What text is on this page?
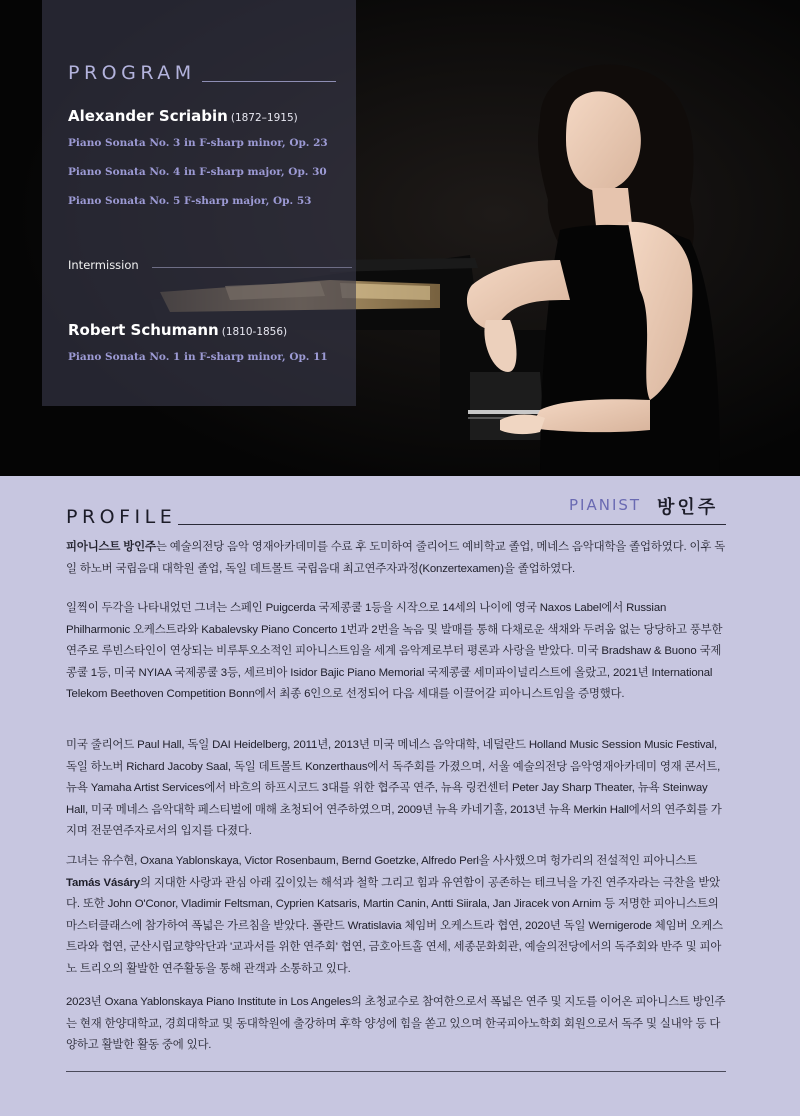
PROGRAM
Alexander Scriabin (1872–1915)
Piano Sonata No. 3 in F-sharp minor, Op. 23
Piano Sonata No. 4 in F-sharp major, Op. 30
Piano Sonata No. 5 F-sharp major, Op. 53
Intermission
Robert Schumann (1810-1856)
Piano Sonata No. 1 in F-sharp minor, Op. 11
PIANIST 방인주
PROFILE
피아니스트 방인주는 예술의전당 음악 영재아카데미를 수료 후 도미하여 줄리어드 예비학교 졸업, 메네스 음악대학을 졸업하였다. 이후 독일 하노버 국립음대 대학원 졸업, 독일 데트몰트 국립음대 최고연주자과정(Konzertexamen)을 졸업하였다.
일찍이 두각을 나타내었던 그녀는 스페인 Puigcerda 국제콩쿨 1등을 시작으로 14세의 나이에 영국 Naxos Label에서 Russian Philharmonic 오케스트라와 Kabalevsky Piano Concerto 1번과 2번을 녹음 및 발매를 통해 다채로운 색채와 두려움 없는 당당하고 풍부한 연주로 루빈스타인이 연상되는 비루투오소적인 피아니스트임을 세계 음악계로부터 평론과 사랑을 받았다. 미국 Bradshaw & Buono 국제콩쿨 1등, 미국 NYIAA 국제콩쿨 3등, 세르비아 Isidor Bajic Piano Memorial 국제콩쿨 세미파이널리스트에 올랐고, 2021년 International Telekom Beethoven Competition Bonn에서 최종 6인으로 선정되어 다음 세대를 이끌어갈 피아니스트임을 증명했다.
미국 줄리어드 Paul Hall, 독일 DAI Heidelberg, 2011년, 2013년 미국 메네스 음악대학, 네덜란드 Holland Music Session Music Festival, 독일 하노버 Richard Jacoby Saal, 독일 데트몰트 Konzerthaus에서 독주회를 가졌으며, 서울 예술의전당 음악영재아카데미 영재 콘서트, 뉴욕 Yamaha Artist Services에서 바흐의 하프시코드 3대를 위한 협주곡 연주, 뉴욕 링컨센터 Peter Jay Sharp Theater, 뉴욕 Steinway Hall, 미국 메네스 음악대학 페스티벌에 매해 초청되어 연주하였으며, 2009년 뉴욕 카네기홀, 2013년 뉴욕 Merkin Hall에서의 연주회를 가지며 전문연주자로서의 입지를 다졌다.
그녀는 유수현, Oxana Yablonskaya, Victor Rosenbaum, Bernd Goetzke, Alfredo Perl을 사사했으며 헝가리의 전설적인 피아니스트 Tamás Vásáry의 지대한 사랑과 관심 아래 깊이있는 해석과 철학 그리고 힘과 유연함이 공존하는 테크닉을 가진 연주자라는 극찬을 받았다. 또한 John O'Conor, Vladimir Feltsman, Cyprien Katsaris, Martin Canin, Antti Siirala, Jan Jiracek von Arnim 등 저명한 피아니스트의 마스터클래스에 참가하여 폭넓은 가르침을 받았다. 폴란드 Wratislavia 체임버 오케스트라 협연, 2020년 독일 Wernigerode 체임버 오케스트라와 협연, 군산시립교향악단과 '교과서를 위한 연주회' 협연, 금호아트홀 연세, 세종문화회관, 예술의전당에서의 독주회와 반주 및 피아노 트리오의 활발한 연주활동을 통해 관객과 소통하고 있다.
2023년 Oxana Yablonskaya Piano Institute in Los Angeles의 초청교수로 참여한으로서 폭넓은 연주 및 지도를 이어온 피아니스트 방인주는 현재 한양대학교, 경희대학교 및 동대학원에 출강하며 후학 양성에 힘을 쏟고 있으며 한국피아노학회 회원으로서 독주 및 실내악 등 다양하고 활발한 활동 중에 있다.
